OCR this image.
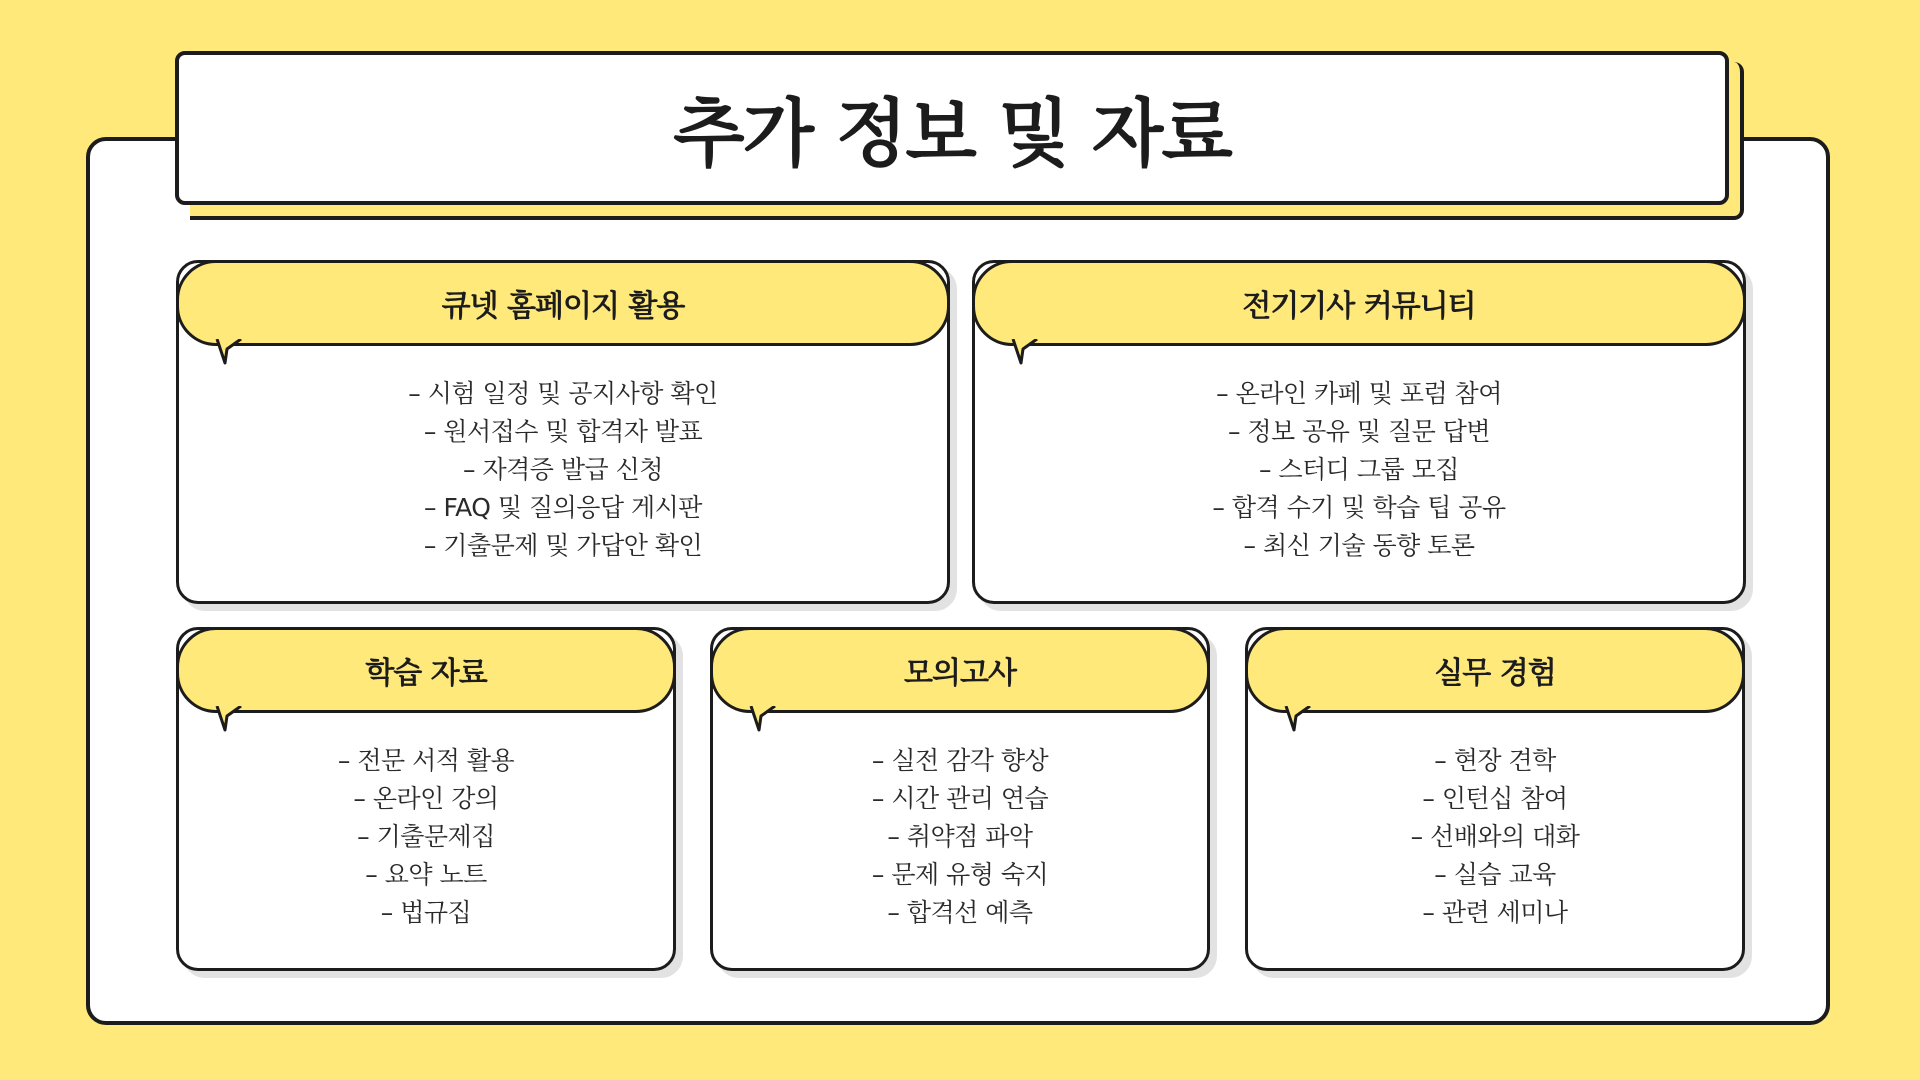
추가 정보 및 자료
큐넷 홈페이지 활용
– 시험 일정 및 공지사항 확인
– 원서접수 및 합격자 발표
– 자격증 발급 신청
– FAQ 및 질의응답 게시판
– 기출문제 및 가답안 확인
전기기사 커뮤니티
– 온라인 카페 및 포럼 참여
– 정보 공유 및 질문 답변
– 스터디 그룹 모집
– 합격 수기 및 학습 팁 공유
– 최신 기술 동향 토론
학습 자료
– 전문 서적 활용
– 온라인 강의
– 기출문제집
– 요약 노트
– 법규집
모의고사
– 실전 감각 향상
– 시간 관리 연습
– 취약점 파악
– 문제 유형 숙지
– 합격선 예측
실무 경험
– 현장 견학
– 인턴십 참여
– 선배와의 대화
– 실습 교육
– 관련 세미나
